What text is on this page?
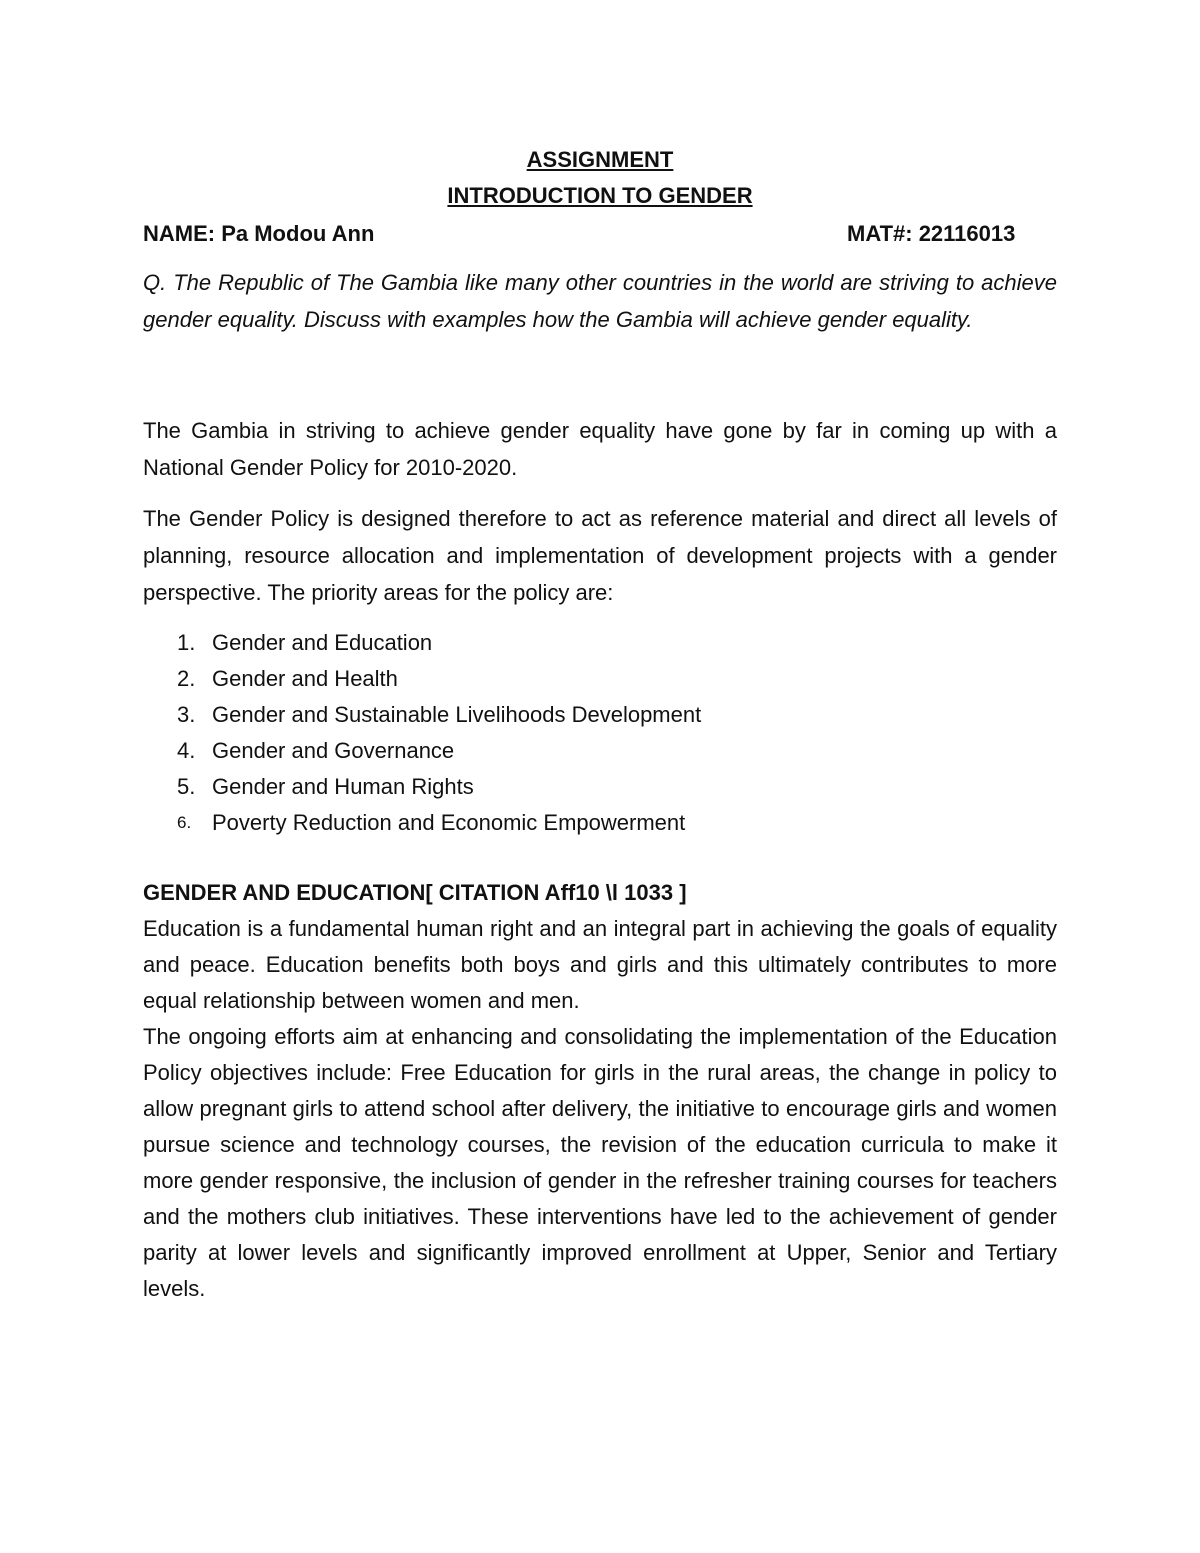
ASSIGNMENT

INTRODUCTION TO GENDER

NAME: Pa Modou Ann	MAT#: 22116013

Q. The Republic of The Gambia like many other countries in the world are striving to achieve gender equality. Discuss with examples how the Gambia will achieve gender equality.

The Gambia in striving to achieve gender equality have gone by far in coming up with a National Gender Policy for 2010-2020.

The Gender Policy is designed therefore to act as reference material and direct all levels of planning, resource allocation and implementation of development projects with a gender perspective. The priority areas for the policy are:

1. Gender and Education
2. Gender and Health
3. Gender and Sustainable Livelihoods Development
4. Gender and Governance
5. Gender and Human Rights
6. Poverty Reduction and Economic Empowerment

GENDER AND EDUCATION[ CITATION Aff10 \l 1033 ]

Education is a fundamental human right and an integral part in achieving the goals of equality and peace. Education benefits both boys and girls and this ultimately contributes to more equal relationship between women and men.

The ongoing efforts aim at enhancing and consolidating the implementation of the Education Policy objectives include: Free Education for girls in the rural areas, the change in policy to allow pregnant girls to attend school after delivery, the initiative to encourage girls and women pursue science and technology courses, the revision of the education curricula to make it more gender responsive, the inclusion of gender in the refresher training courses for teachers and the mothers club initiatives. These interventions have led to the achievement of gender parity at lower levels and significantly improved enrollment at Upper, Senior and Tertiary levels.
